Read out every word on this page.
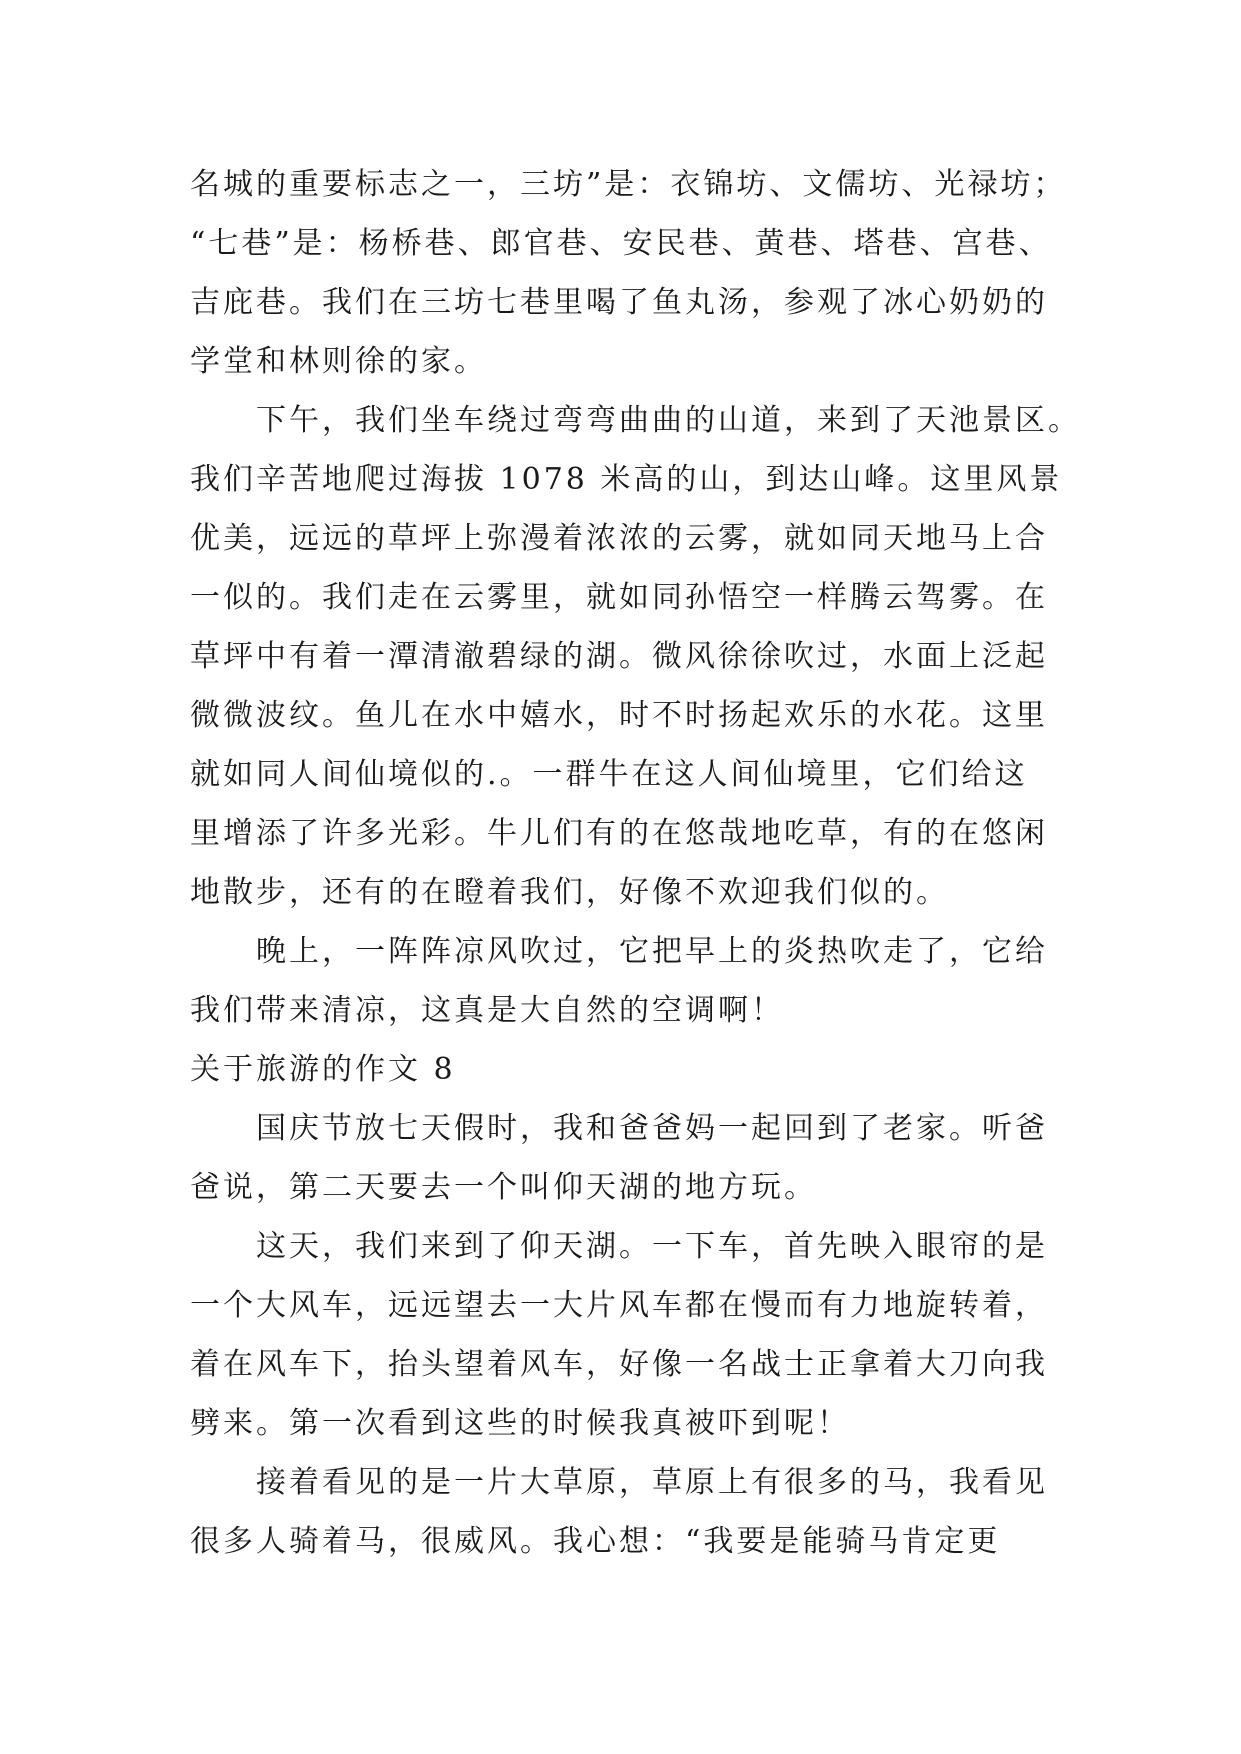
名城的重要标志之一，三坊”是：衣锦坊、文儒坊、光禄坊；
“七巷”是：杨桥巷、郎官巷、安民巷、黄巷、塔巷、宫巷、
吉庇巷。我们在三坊七巷里喝了鱼丸汤，参观了冰心奶奶的
学堂和林则徐的家。
下午，我们坐车绕过弯弯曲曲的山道，来到了天池景区。
我们辛苦地爬过海拔 1078 米高的山，到达山峰。这里风景
优美，远远的草坪上弥漫着浓浓的云雾，就如同天地马上合
一似的。我们走在云雾里，就如同孙悟空一样腾云驾雾。在
草坪中有着一潭清澈碧绿的湖。微风徐徐吹过，水面上泛起
微微波纹。鱼儿在水中嬉水，时不时扬起欢乐的水花。这里
就如同人间仙境似的.。一群牛在这人间仙境里，它们给这
里增添了许多光彩。牛儿们有的在悠哉地吃草，有的在悠闲
地散步，还有的在瞪着我们，好像不欢迎我们似的。
晚上，一阵阵凉风吹过，它把早上的炎热吹走了，它给
我们带来清凉，这真是大自然的空调啊！
关于旅游的作文 8
国庆节放七天假时，我和爸爸妈一起回到了老家。听爸
爸说，第二天要去一个叫仰天湖的地方玩。
这天，我们来到了仰天湖。一下车，首先映入眼帘的是
一个大风车，远远望去一大片风车都在慢而有力地旋转着，
着在风车下，抬头望着风车，好像一名战士正拿着大刀向我
劈来。第一次看到这些的时候我真被吓到呢！
接着看见的是一片大草原，草原上有很多的马，我看见
很多人骑着马，很威风。我心想：“我要是能骑马肯定更
